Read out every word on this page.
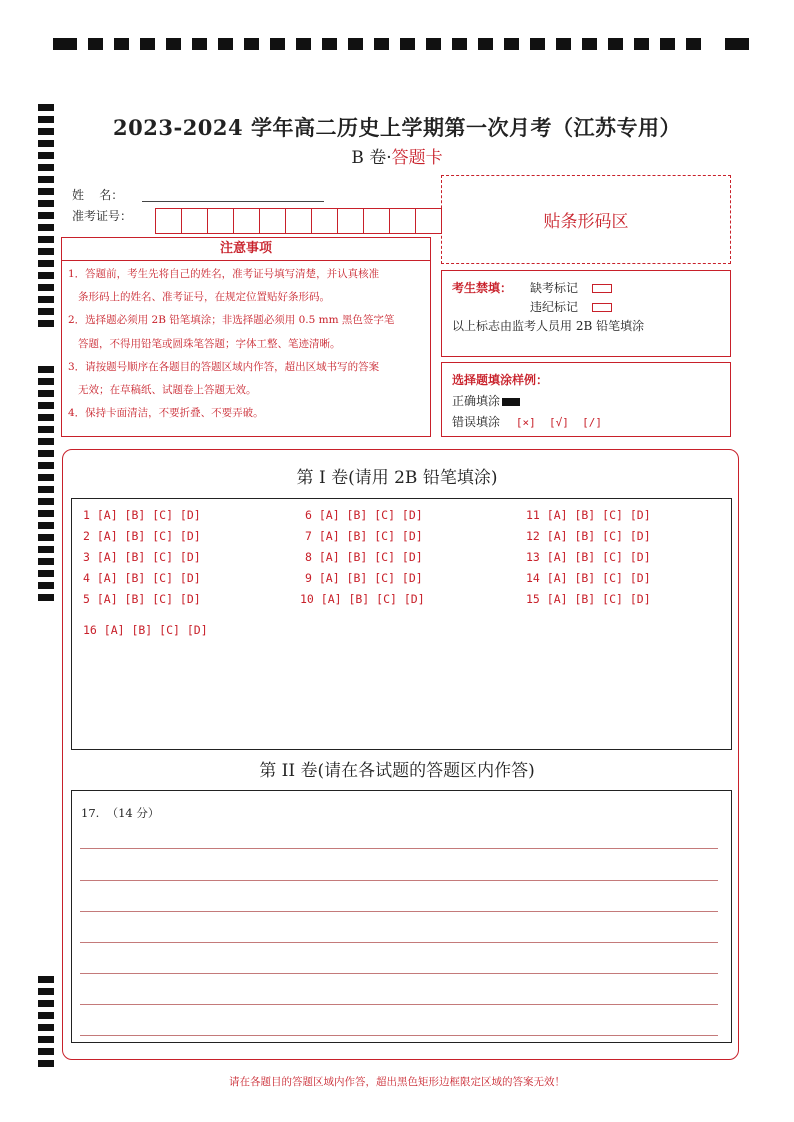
2023-2024 学年高二历史上学期第一次月考（江苏专用）
B 卷·答题卡
姓    名：
准考证号：	贴条形码区
注意事项
1．答题前，考生先将自己的姓名，准考证号填写清楚，并认真核准
条形码上的姓名、准考证号，在规定位置贴好条形码。
2．选择题必须用 2B 铅笔填涂；非选择题必须用 0.5 mm 黑色签字笔
答题，不得用铅笔或圆珠笔答题；字体工整、笔迹清晰。
3．请按题号顺序在各题目的答题区域内作答，超出区域书写的答案
无效；在草稿纸、试题卷上答题无效。
4．保持卡面清洁，不要折叠、不要弄破。
考生禁填： 缺考标记
违纪标记
以上标志由监考人员用 2B 铅笔填涂
选择题填涂样例：
正确填涂
错误填涂 [×]  [√]  [/]
第 I 卷(请用 2B 铅笔填涂)
1 [A] [B] [C] [D]
2 [A] [B] [C] [D]
3 [A] [B] [C] [D]
4 [A] [B] [C] [D]
5 [A] [B] [C] [D]
6 [A] [B] [C] [D]
7 [A] [B] [C] [D]
8 [A] [B] [C] [D]
9 [A] [B] [C] [D]
10 [A] [B] [C] [D]
11 [A] [B] [C] [D]
12 [A] [B] [C] [D]
13 [A] [B] [C] [D]
14 [A] [B] [C] [D]
15 [A] [B] [C] [D]
16 [A] [B] [C] [D]
第 II 卷(请在各试题的答题区内作答)
17.  （14 分）
请在各题目的答题区域内作答，超出黑色矩形边框限定区域的答案无效！
